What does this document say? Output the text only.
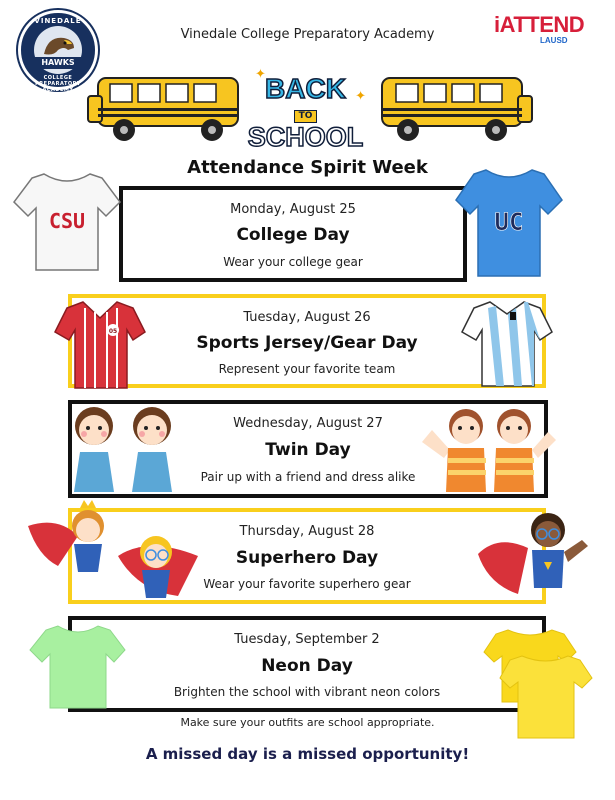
VINEDALE
HAWKS
COLLEGE PREPARATORY ACADEMY
Vinedale College Preparatory Academy	iATTEND
LAUSD
✦
✦
BACK
TO
SCHOOL
Attendance Spirit Week
Monday, August 25
College Day
Wear your college gear
CSU	UC
Tuesday, August 26
Sports Jersey/Gear Day
Represent your favorite team
05
Wednesday, August 27
Twin Day
Pair up with a friend and dress alike
Thursday, August 28
Superhero Day
Wear your favorite superhero gear
Tuesday, September 2
Neon Day
Brighten the school with vibrant neon colors
Make sure your outfits are school appropriate.
A missed day is a missed opportunity!
